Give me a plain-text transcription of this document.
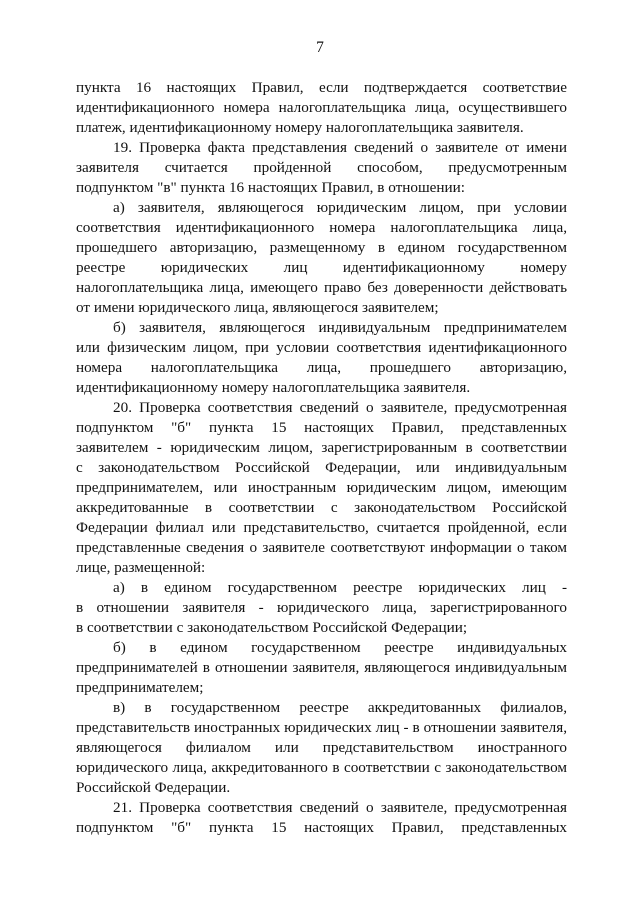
7
пункта 16 настоящих Правил, если подтверждается соответствие
идентификационного номера налогоплательщика лица, осуществившего
платеж, идентификационному номеру налогоплательщика заявителя.
19. Проверка факта представления сведений о заявителе от имени
заявителя считается пройденной способом, предусмотренным
подпунктом "в" пункта 16 настоящих Правил, в отношении:
а) заявителя, являющегося юридическим лицом, при условии
соответствия идентификационного номера налогоплательщика лица,
прошедшего авторизацию, размещенному в едином государственном
реестре юридических лиц идентификационному номеру
налогоплательщика лица, имеющего право без доверенности действовать
от имени юридического лица, являющегося заявителем;
б) заявителя, являющегося индивидуальным предпринимателем
или физическим лицом, при условии соответствия идентификационного
номера налогоплательщика лица, прошедшего авторизацию,
идентификационному номеру налогоплательщика заявителя.
20. Проверка соответствия сведений о заявителе, предусмотренная
подпунктом "б" пункта 15 настоящих Правил, представленных
заявителем - юридическим лицом, зарегистрированным в соответствии
с законодательством Российской Федерации, или индивидуальным
предпринимателем, или иностранным юридическим лицом, имеющим
аккредитованные в соответствии с законодательством Российской
Федерации филиал или представительство, считается пройденной, если
представленные сведения о заявителе соответствуют информации о таком
лице, размещенной:
а) в едином государственном реестре юридических лиц -
в отношении заявителя - юридического лица, зарегистрированного
в соответствии с законодательством Российской Федерации;
б) в едином государственном реестре индивидуальных
предпринимателей в отношении заявителя, являющегося индивидуальным
предпринимателем;
в) в государственном реестре аккредитованных филиалов,
представительств иностранных юридических лиц - в отношении заявителя,
являющегося филиалом или представительством иностранного
юридического лица, аккредитованного в соответствии с законодательством
Российской Федерации.
21. Проверка соответствия сведений о заявителе, предусмотренная
подпунктом "б" пункта 15 настоящих Правил, представленных
